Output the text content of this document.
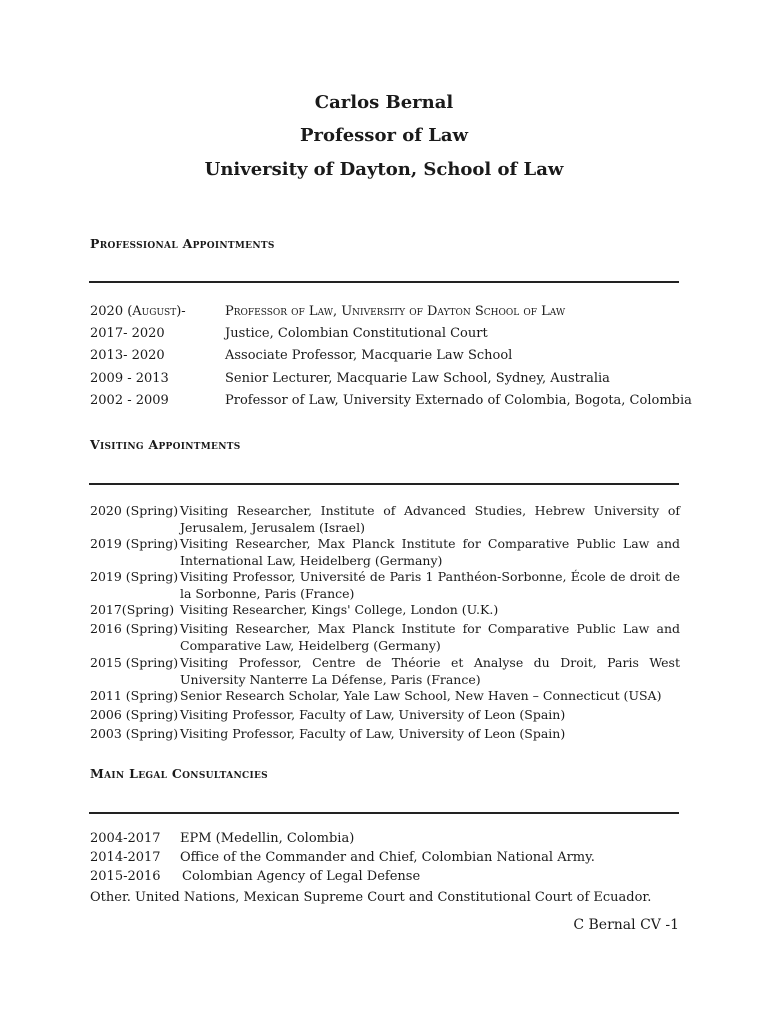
Carlos Bernal
Professor of Law
University of Dayton, School of Law
Professional Appointments
2020 (August)-	Professor of Law, University of Dayton School of Law
2017- 2020	Justice, Colombian Constitutional Court
2013- 2020	Associate Professor, Macquarie Law School
2009 - 2013	Senior Lecturer, Macquarie Law School, Sydney, Australia
2002 - 2009	Professor of Law, University Externado of Colombia, Bogota, Colombia
Visiting Appointments
2020 (Spring) Visiting Researcher, Institute of Advanced Studies, Hebrew University of Jerusalem, Jerusalem (Israel)
2019 (Spring) Visiting Researcher, Max Planck Institute for Comparative Public Law and International Law, Heidelberg (Germany)
2019 (Spring) Visiting Professor, Université de Paris 1 Panthéon-Sorbonne, École de droit de la Sorbonne, Paris (France)
2017(Spring) Visiting Researcher, Kings' College, London (U.K.)
2016 (Spring) Visiting Researcher, Max Planck Institute for Comparative Public Law and Comparative Law, Heidelberg (Germany)
2015 (Spring) Visiting Professor, Centre de Théorie et Analyse du Droit, Paris West University Nanterre La Défense, Paris (France)
2011 (Spring) Senior Research Scholar, Yale Law School, New Haven – Connecticut (USA)
2006 (Spring) Visiting Professor, Faculty of Law, University of Leon (Spain)
2003 (Spring) Visiting Professor, Faculty of Law, University of Leon (Spain)
Main Legal Consultancies
2004-2017 EPM (Medellin, Colombia)
2014-2017 Office of the Commander and Chief, Colombian National Army.
2015-2016 Colombian Agency of Legal Defense
Other. United Nations, Mexican Supreme Court and Constitutional Court of Ecuador.
C Bernal CV -1
